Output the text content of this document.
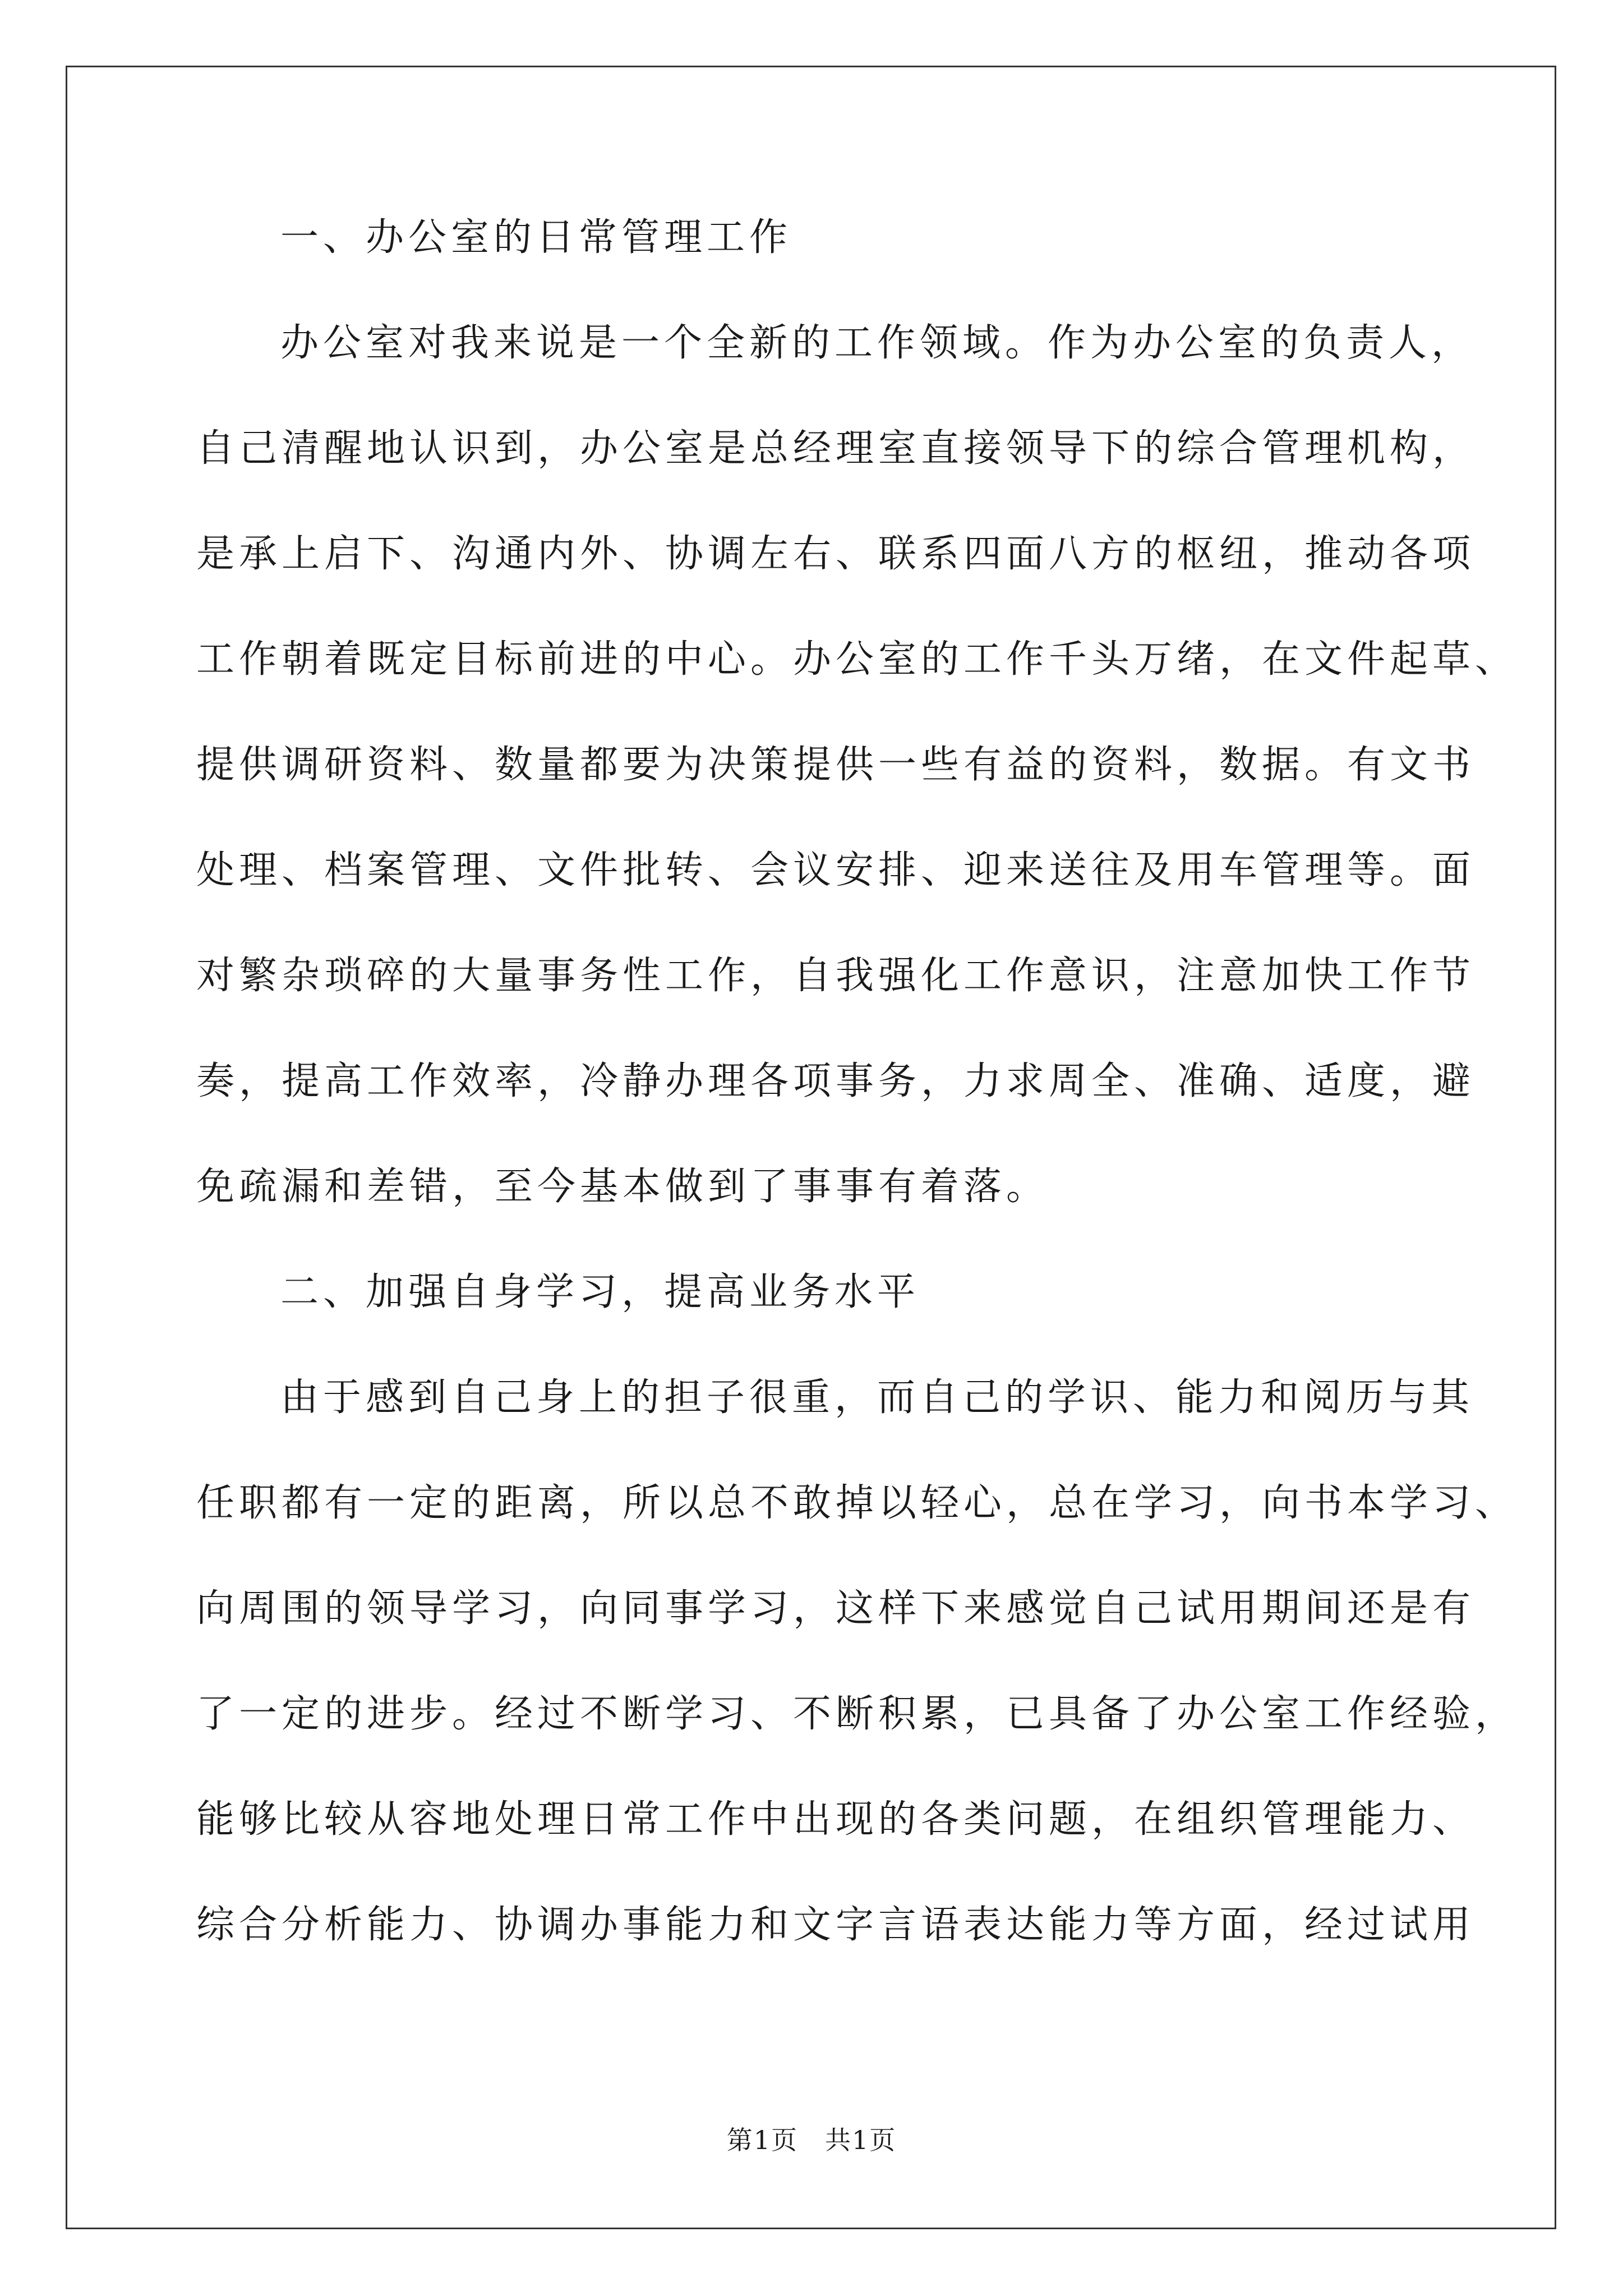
一、办公室的日常管理工作
办公室对我来说是一个全新的工作领域。作为办公室的负责人，
自己清醒地认识到，办公室是总经理室直接领导下的综合管理机构，
是承上启下、沟通内外、协调左右、联系四面八方的枢纽，推动各项
工作朝着既定目标前进的中心。办公室的工作千头万绪，在文件起草、
提供调研资料、数量都要为决策提供一些有益的资料，数据。有文书
处理、档案管理、文件批转、会议安排、迎来送往及用车管理等。面
对繁杂琐碎的大量事务性工作，自我强化工作意识，注意加快工作节
奏，提高工作效率，冷静办理各项事务，力求周全、准确、适度，避
免疏漏和差错，至今基本做到了事事有着落。
二、加强自身学习，提高业务水平
由于感到自己身上的担子很重，而自己的学识、能力和阅历与其
任职都有一定的距离，所以总不敢掉以轻心，总在学习，向书本学习、
向周围的领导学习，向同事学习，这样下来感觉自己试用期间还是有
了一定的进步。经过不断学习、不断积累，已具备了办公室工作经验，
能够比较从容地处理日常工作中出现的各类问题，在组织管理能力、
综合分析能力、协调办事能力和文字言语表达能力等方面，经过试用
第1页　共1页
